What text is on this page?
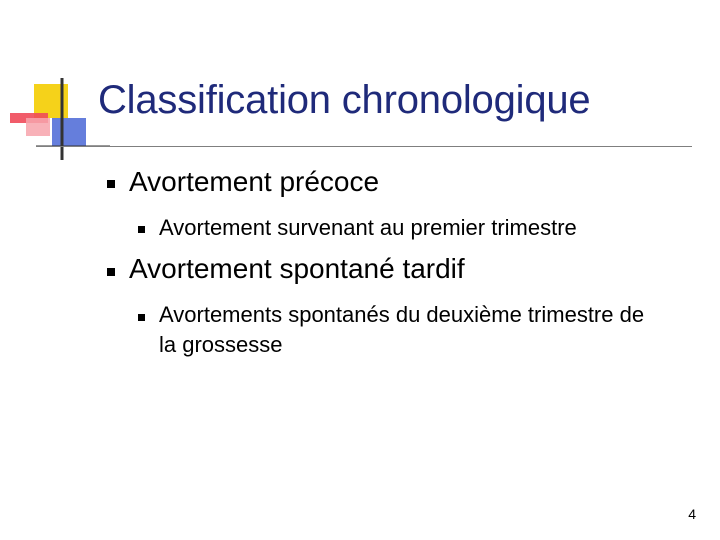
Classification chronologique
Avortement précoce
Avortement survenant au premier trimestre
Avortement spontané tardif
Avortements spontanés du deuxième trimestre de la grossesse
4
